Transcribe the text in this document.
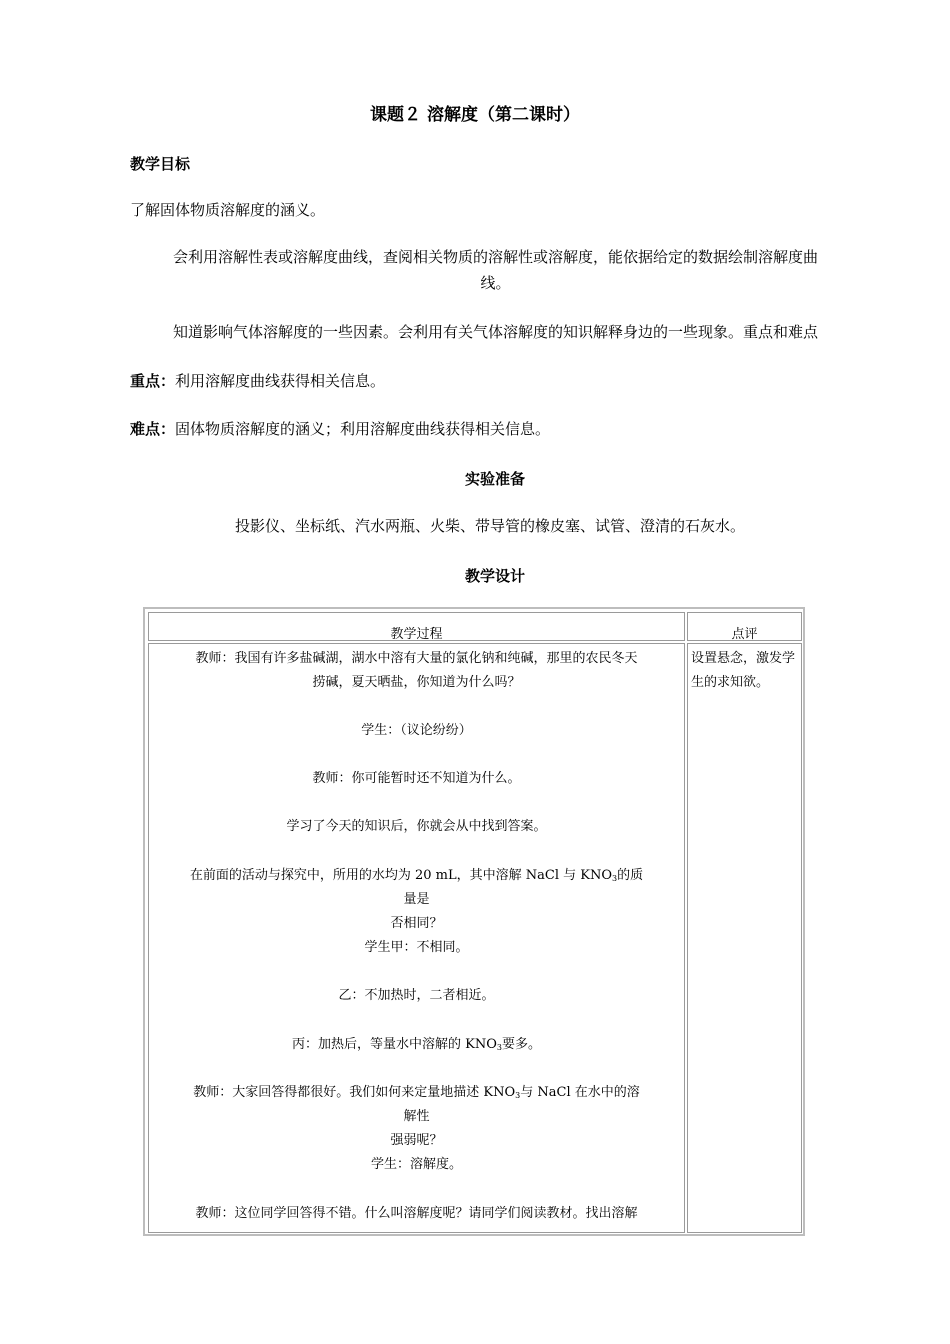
课题２ 溶解度（第二课时）
教学目标
了解固体物质溶解度的涵义。
会利用溶解性表或溶解度曲线，查阅相关物质的溶解性或溶解度，能依据给定的数据绘制溶解度曲
线。
知道影响气体溶解度的一些因素。会利用有关气体溶解度的知识解释身边的一些现象。重点和难点
重点：利用溶解度曲线获得相关信息。
难点：固体物质溶解度的涵义；利用溶解度曲线获得相关信息。
实验准备
投影仪、坐标纸、汽水两瓶、火柴、带导管的橡皮塞、试管、澄清的石灰水。
教学设计
教学过程	点评
教师：我国有许多盐碱湖，湖水中溶有大量的氯化钠和纯碱，那里的农民冬天
捞碱，夏天晒盐，你知道为什么吗？
学生：（议论纷纷）
教师：你可能暂时还不知道为什么。
学习了今天的知识后，你就会从中找到答案。
在前面的活动与探究中，所用的水均为 20 mL，其中溶解 NaCl 与 $KNO_3$的质量是
否相同？
学生甲：不相同。
乙：不加热时，二者相近。
丙：加热后，等量水中溶解的 $KNO_3$要多。
教师：大家回答得都很好。我们如何来定量地描述 $KNO_3$与 NaCl 在水中的溶解性
强弱呢？
学生：溶解度。
教师：这位同学回答得不错。什么叫溶解度呢？请同学们阅读教材。找出溶解
设置悬念，激发学
生的求知欲。
